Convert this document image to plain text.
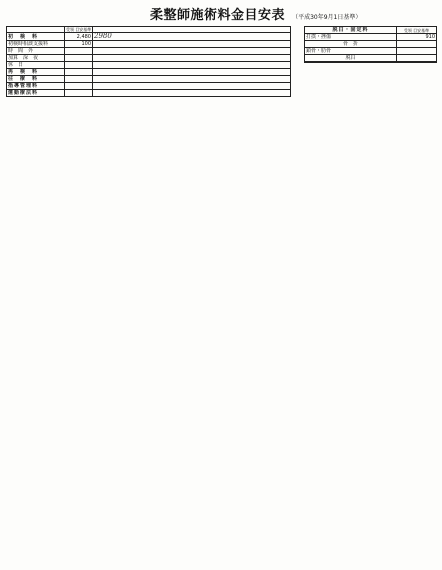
柔整師施術料金目安表 （平成30年9月1日基準）
	受領 目安基準	
初　検　料	2,480	2980
初検時相談支援料	100	
時　間　外		
加算　深　夜		
休　日		
再　検　料		
往　療　料		
指導管理料		
運動療法料		
脱臼・固定料	受領 目安基準
打撲・挫傷	910
骨　折	
鎖骨・肋骨	
脱臼	
